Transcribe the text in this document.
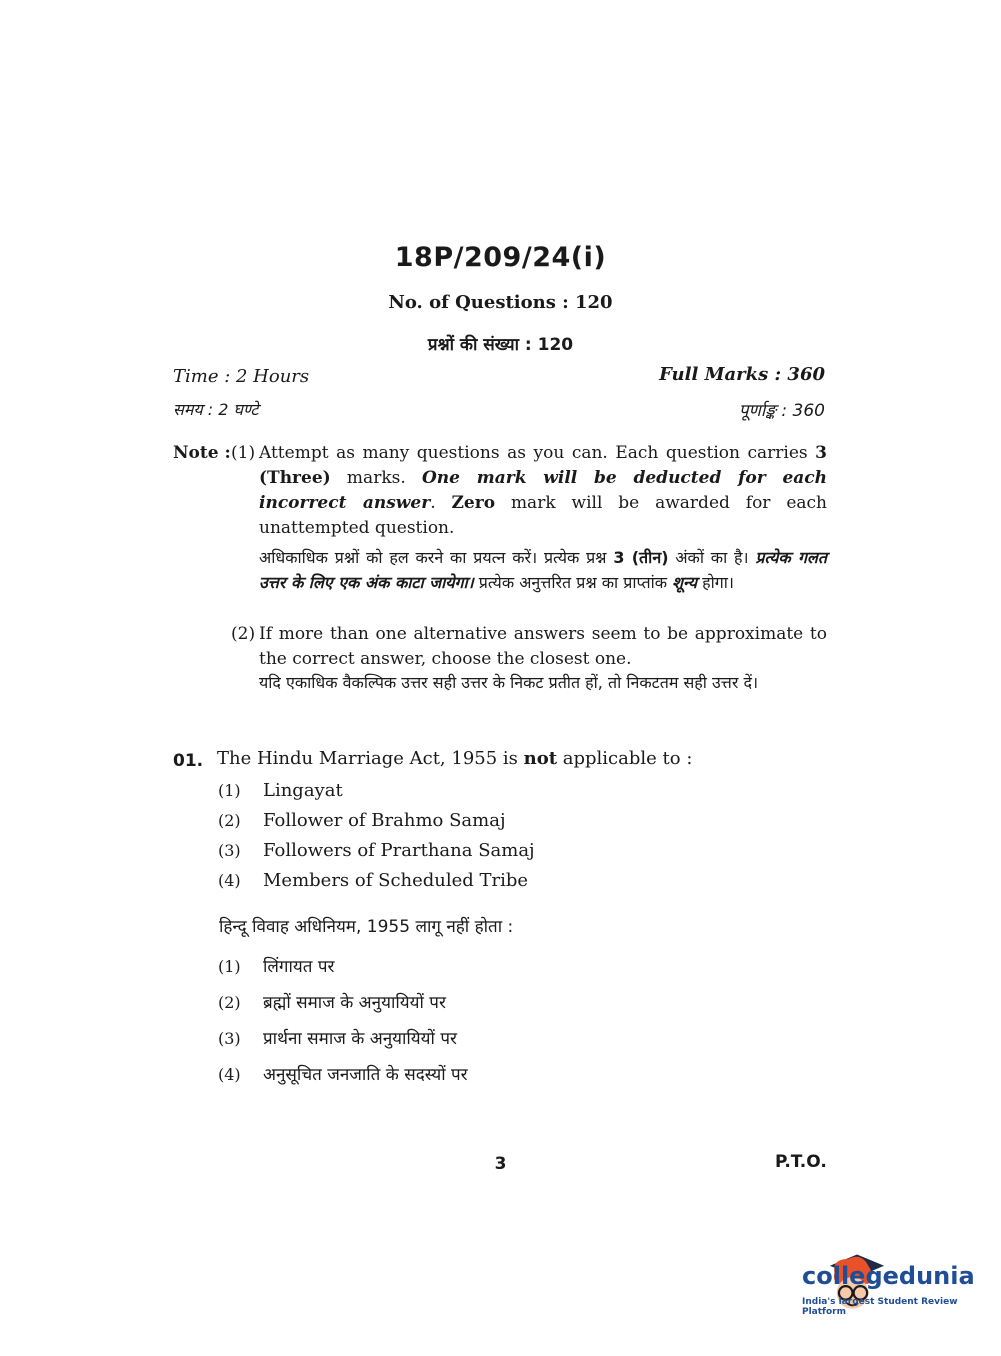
18P/209/24(i)
No. of Questions : 120
प्रश्नों की संख्या : 120
Time : 2 Hours
समय : 2 घण्टे
Full Marks : 360
पूर्णाङ्क : 360
Note : (1) Attempt as many questions as you can. Each question carries 3 (Three) marks. One mark will be deducted for each incorrect answer. Zero mark will be awarded for each unattempted question.
अधिकाधिक प्रश्नों को हल करने का प्रयत्न करें। प्रत्येक प्रश्न 3 (तीन) अंकों का है। प्रत्येक गलत उत्तर के लिए एक अंक काटा जायेगा। प्रत्येक अनुत्तरित प्रश्न का प्राप्तांक शून्य होगा।
(2) If more than one alternative answers seem to be approximate to the correct answer, choose the closest one.
यदि एकाधिक वैकल्पिक उत्तर सही उत्तर के निकट प्रतीत हों, तो निकटतम सही उत्तर दें।
01. The Hindu Marriage Act, 1955 is not applicable to :
(1) Lingayat
(2) Follower of Brahmo Samaj
(3) Followers of Prarthana Samaj
(4) Members of Scheduled Tribe
हिन्दू विवाह अधिनियम, 1955 लागू नहीं होता :
(1) लिंगायत पर
(2) ब्रह्मों समाज के अनुयायियों पर
(3) प्रार्थना समाज के अनुयायियों पर
(4) अनुसूचित जनजाति के सदस्यों पर
3	P.T.O.
collegedunia
India's largest Student Review Platform
